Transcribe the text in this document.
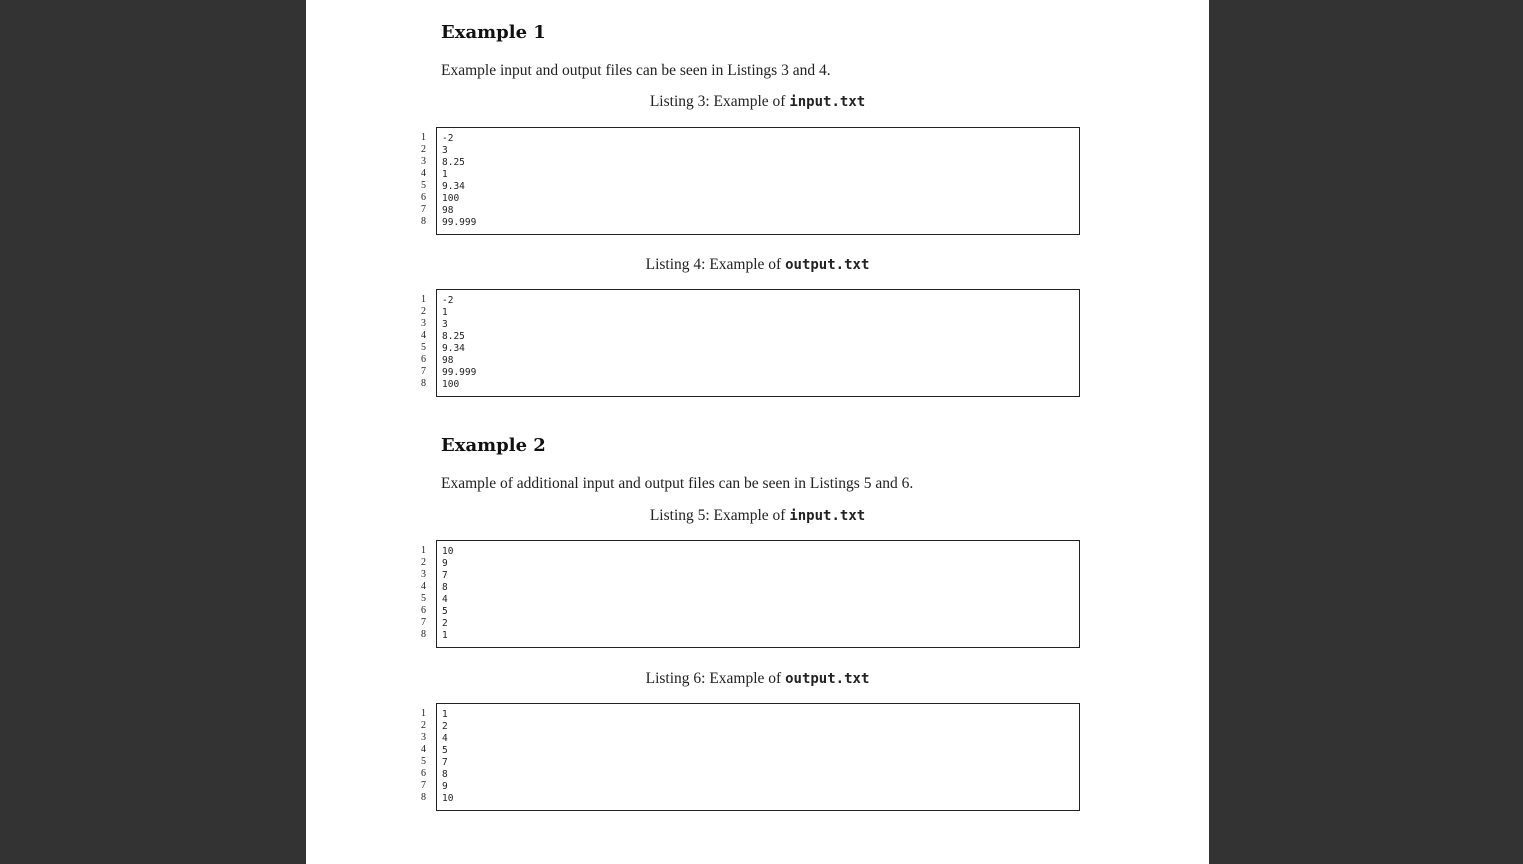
Example 1

Example input and output files can be seen in Listings 3 and 4.

Listing 3: Example of input.txt
1
2
3
4
5
6
7
8
-2
3
8.25
1
9.34
100
98
99.999
Listing 4: Example of output.txt
1
2
3
4
5
6
7
8
-2
1
3
8.25
9.34
98
99.999
100
Example 2

Example of additional input and output files can be seen in Listings 5 and 6.

Listing 5: Example of input.txt
1
2
3
4
5
6
7
8
10
9
7
8
4
5
2
1
Listing 6: Example of output.txt
1
2
3
4
5
6
7
8
1
2
4
5
7
8
9
10
